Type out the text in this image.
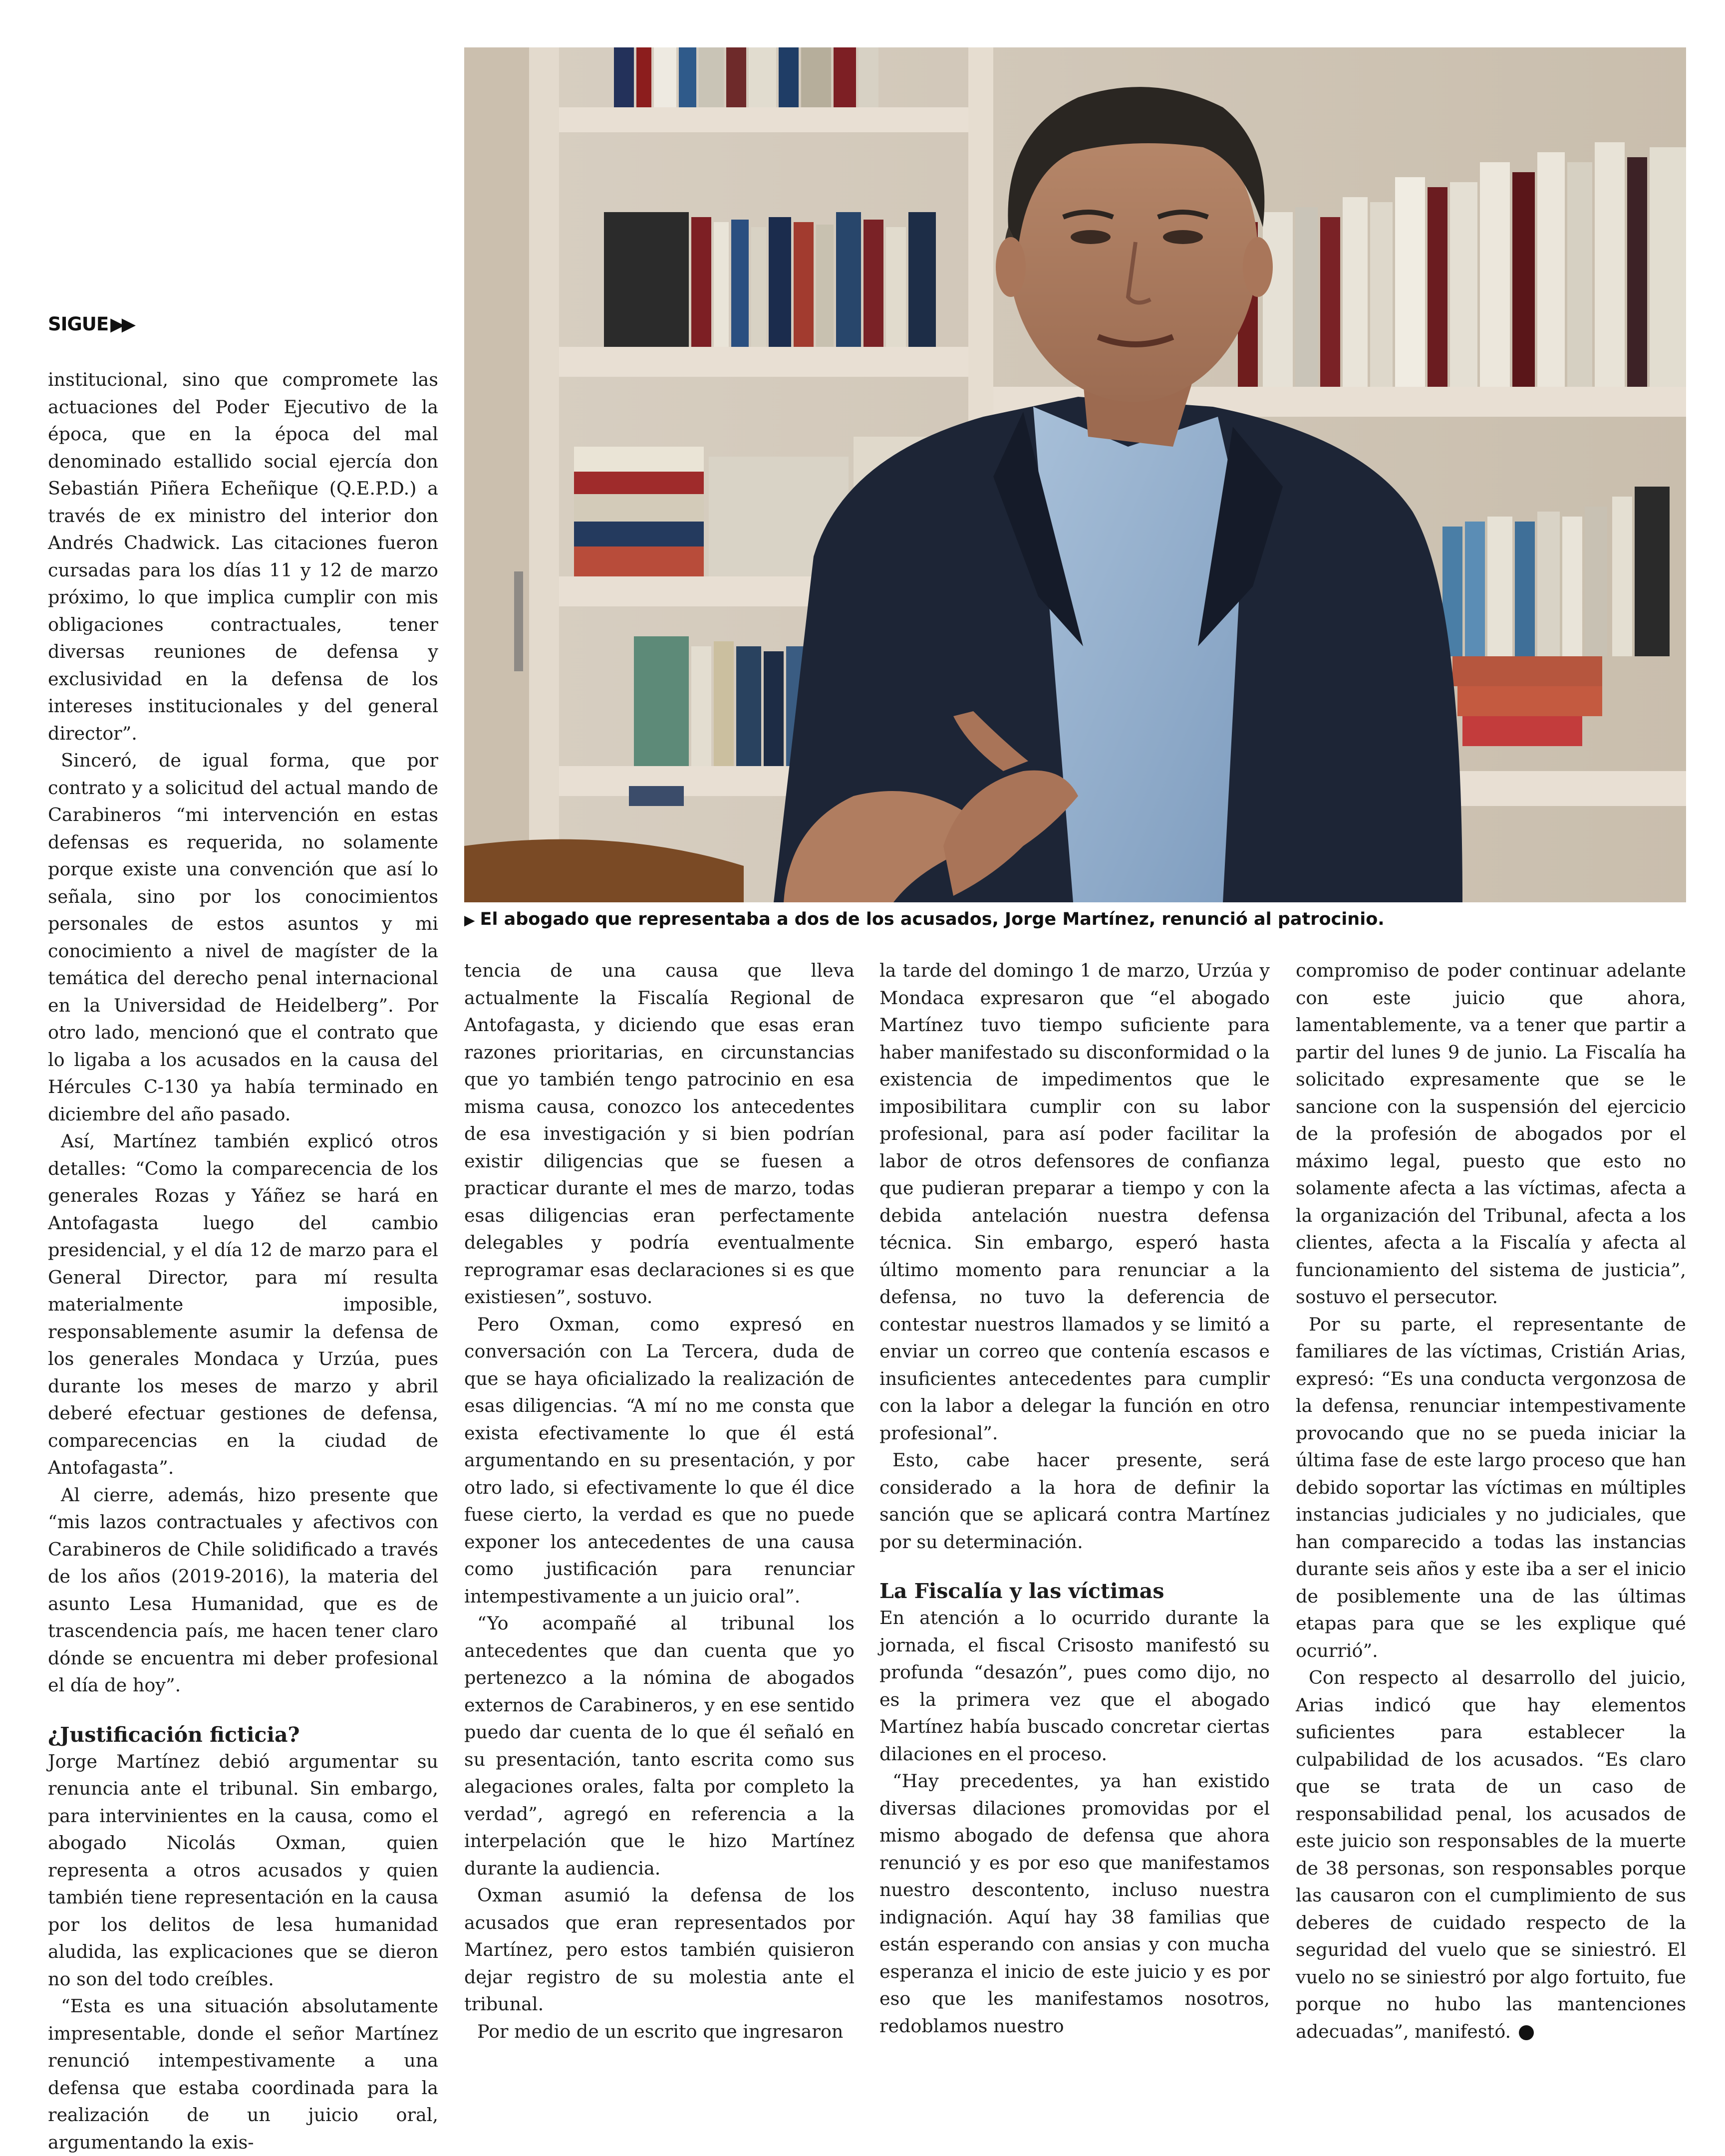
SIGUE ▶▶
▶ El abogado que representaba a dos de los acusados, Jorge Martínez, renunció al patrocinio.

institucional, sino que compromete las actuaciones del Poder Ejecutivo de la época, que en la época del mal denominado estallido social ejercía don Sebastián Piñera Echeñique (Q.E.P.D.) a través de ex ministro del interior don Andrés Chadwick. Las citaciones fueron cursadas para los días 11 y 12 de marzo próximo, lo que implica cumplir con mis obligaciones contractuales, tener diversas reuniones de defensa y exclusividad en la defensa de los intereses institucionales y del general director”.

Sinceró, de igual forma, que por contrato y a solicitud del actual mando de Carabineros “mi intervención en estas defensas es requerida, no solamente porque existe una convención que así lo señala, sino por los conocimientos personales de estos asuntos y mi conocimiento a nivel de magíster de la temática del derecho penal internacional en la Universidad de Heidelberg”. Por otro lado, mencionó que el contrato que lo ligaba a los acusados en la causa del Hércules C-130 ya había terminado en diciembre del año pasado.

Así, Martínez también explicó otros detalles: “Como la comparecencia de los generales Rozas y Yáñez se hará en Antofagasta luego del cambio presidencial, y el día 12 de marzo para el General Director, para mí resulta materialmente imposible, responsablemente asumir la defensa de los generales Mondaca y Urzúa, pues durante los meses de marzo y abril deberé efectuar gestiones de defensa, comparecencias en la ciudad de Antofagasta”.

Al cierre, además, hizo presente que “mis lazos contractuales y afectivos con Carabineros de Chile solidificado a través de los años (2019-2016), la materia del asunto Lesa Humanidad, que es de trascendencia país, me hacen tener claro dónde se encuentra mi deber profesional el día de hoy”.

¿Justificación ficticia?

Jorge Martínez debió argumentar su renuncia ante el tribunal. Sin embargo, para intervinientes en la causa, como el abogado Nicolás Oxman, quien representa a otros acusados y quien también tiene representación en la causa por los delitos de lesa humanidad aludida, las explicaciones que se dieron no son del todo creíbles.

“Esta es una situación absolutamente impresentable, donde el señor Martínez renunció intempestivamente a una defensa que estaba coordinada para la realización de un juicio oral, argumentando la exis-

tencia de una causa que lleva actualmente la Fiscalía Regional de Antofagasta, y diciendo que esas eran razones prioritarias, en circunstancias que yo también tengo patrocinio en esa misma causa, conozco los antecedentes de esa investigación y si bien podrían existir diligencias que se fuesen a practicar durante el mes de marzo, todas esas diligencias eran perfectamente delegables y podría eventualmente reprogramar esas declaraciones si es que existiesen”, sostuvo.

Pero Oxman, como expresó en conversación con La Tercera, duda de que se haya oficializado la realización de esas diligencias. “A mí no me consta que exista efectivamente lo que él está argumentando en su presentación, y por otro lado, si efectivamente lo que él dice fuese cierto, la verdad es que no puede exponer los antecedentes de una causa como justificación para renunciar intempestivamente a un juicio oral”.

“Yo acompañé al tribunal los antecedentes que dan cuenta que yo pertenezco a la nómina de abogados externos de Carabineros, y en ese sentido puedo dar cuenta de lo que él señaló en su presentación, tanto escrita como sus alegaciones orales, falta por completo la verdad”, agregó en referencia a la interpelación que le hizo Martínez durante la audiencia.

Oxman asumió la defensa de los acusados que eran representados por Martínez, pero estos también quisieron dejar registro de su molestia ante el tribunal.

Por medio de un escrito que ingresaron

la tarde del domingo 1 de marzo, Urzúa y Mondaca expresaron que “el abogado Martínez tuvo tiempo suficiente para haber manifestado su disconformidad o la existencia de impedimentos que le imposibilitara cumplir con su labor profesional, para así poder facilitar la labor de otros defensores de confianza que pudieran preparar a tiempo y con la debida antelación nuestra defensa técnica. Sin embargo, esperó hasta último momento para renunciar a la defensa, no tuvo la deferencia de contestar nuestros llamados y se limitó a enviar un correo que contenía escasos e insuficientes antecedentes para cumplir con la labor a delegar la función en otro profesional”.

Esto, cabe hacer presente, será considerado a la hora de definir la sanción que se aplicará contra Martínez por su determinación.

La Fiscalía y las víctimas

En atención a lo ocurrido durante la jornada, el fiscal Crisosto manifestó su profunda “desazón”, pues como dijo, no es la primera vez que el abogado Martínez había buscado concretar ciertas dilaciones en el proceso.

“Hay precedentes, ya han existido diversas dilaciones promovidas por el mismo abogado de defensa que ahora renunció y es por eso que manifestamos nuestro descontento, incluso nuestra indignación. Aquí hay 38 familias que están esperando con ansias y con mucha esperanza el inicio de este juicio y es por eso que les manifestamos nosotros, redoblamos nuestro

compromiso de poder continuar adelante con este juicio que ahora, lamentablemente, va a tener que partir a partir del lunes 9 de junio. La Fiscalía ha solicitado expresamente que se le sancione con la suspensión del ejercicio de la profesión de abogados por el máximo legal, puesto que esto no solamente afecta a las víctimas, afecta a la organización del Tribunal, afecta a los clientes, afecta a la Fiscalía y afecta al funcionamiento del sistema de justicia”, sostuvo el persecutor.

Por su parte, el representante de familiares de las víctimas, Cristián Arias, expresó: “Es una conducta vergonzosa de la defensa, renunciar intempestivamente provocando que no se pueda iniciar la última fase de este largo proceso que han debido soportar las víctimas en múltiples instancias judiciales y no judiciales, que han comparecido a todas las instancias durante seis años y este iba a ser el inicio de posiblemente una de las últimas etapas para que se les explique qué ocurrió”.

Con respecto al desarrollo del juicio, Arias indicó que hay elementos suficientes para establecer la culpabilidad de los acusados. “Es claro que se trata de un caso de responsabilidad penal, los acusados de este juicio son responsables de la muerte de 38 personas, son responsables porque las causaron con el cumplimiento de sus deberes de cuidado respecto de la seguridad del vuelo que se siniestró. El vuelo no se siniestró por algo fortuito, fue porque no hubo las mantenciones adecuadas”, manifestó.
